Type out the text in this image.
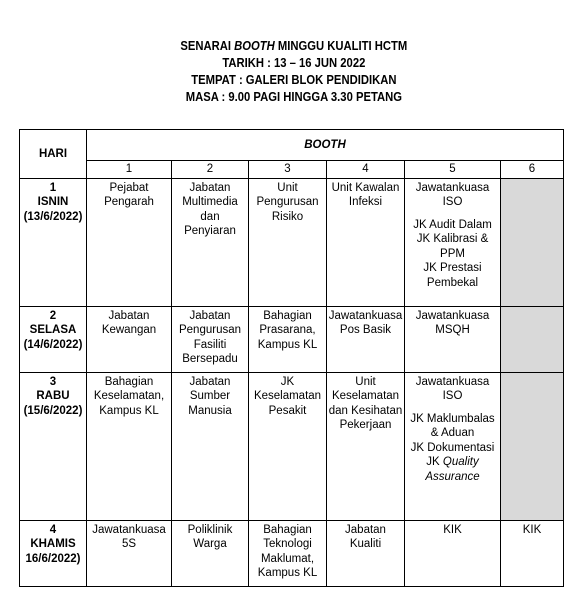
SENARAI BOOTH MINGGU KUALITI HCTM
TARIKH : 13 – 16 JUN 2022
TEMPAT : GALERI BLOK PENDIDIKAN
MASA : 9.00 PAGI HINGGA 3.30 PETANG
HARI	BOOTH					
	1	2	3	4	5	6

1
ISNIN
(13/6/2022)	Pejabat Pengarah	Jabatan Multimedia dan Penyiaran	Unit Pengurusan Risiko	Unit Kawalan Infeksi	Jawatankuasa ISO
JK Audit Dalam
JK Kalibrasi & PPM
JK Prestasi Pembekal	

2
SELASA
(14/6/2022)	Jabatan Kewangan	Jabatan Pengurusan Fasiliti Bersepadu	Bahagian Prasarana, Kampus KL	Jawatankuasa Pos Basik	Jawatankuasa MSQH	

3
RABU
(15/6/2022)	Bahagian Keselamatan, Kampus KL	Jabatan Sumber Manusia	JK Keselamatan Pesakit	Unit Keselamatan dan Kesihatan Pekerjaan	Jawatankuasa ISO
JK Maklumbalas & Aduan
JK Dokumentasi
JK Quality Assurance	

4
KHAMIS
16/6/2022)	Jawatankuasa 5S	Poliklinik Warga	Bahagian Teknologi Maklumat, Kampus KL	Jabatan Kualiti	KIK	KIK
